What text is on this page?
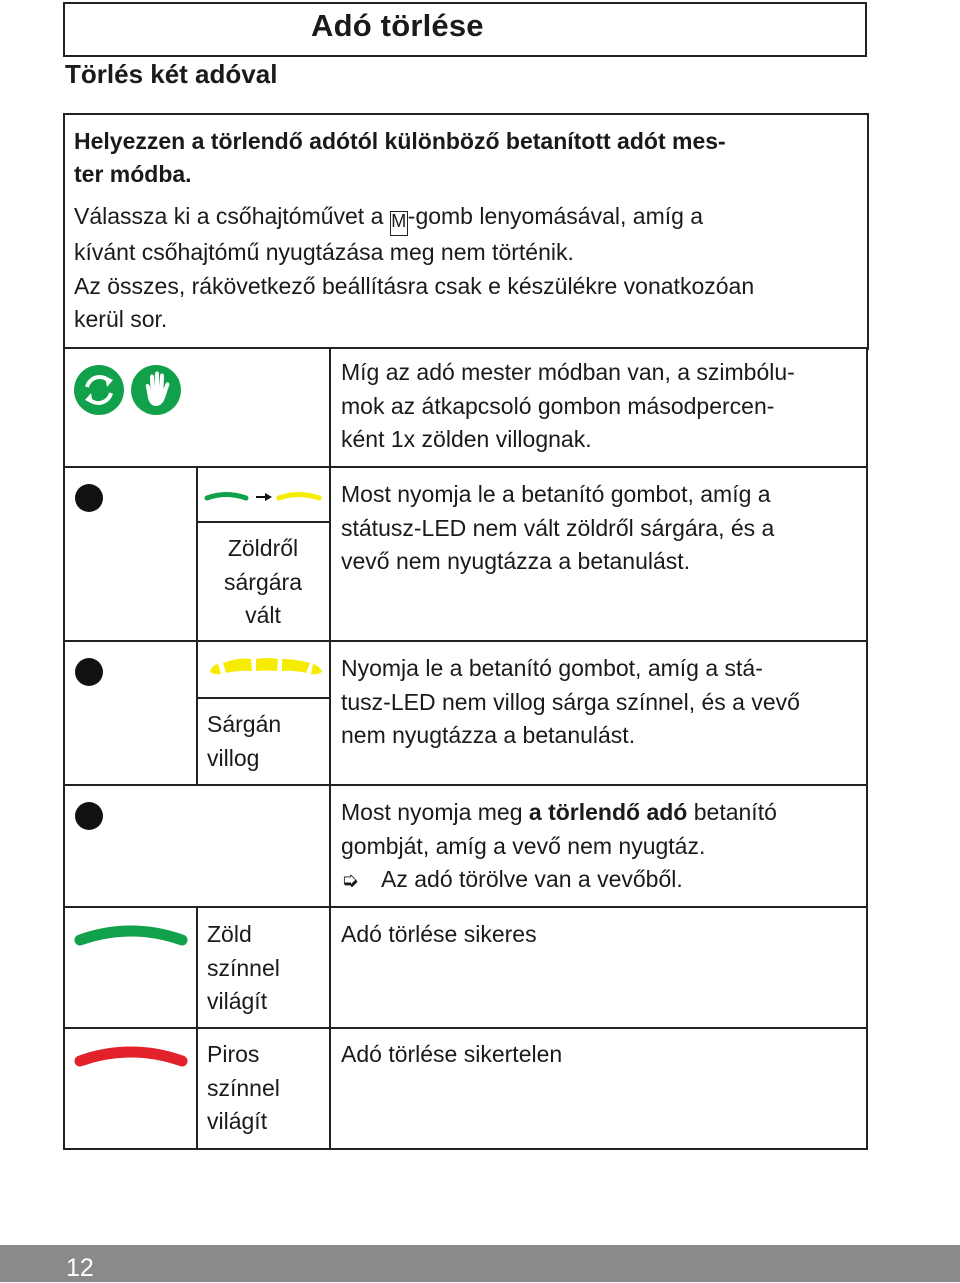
Adó törlése
Törlés két adóval
Helyezzen a törlendő adótól különböző betanított adót mes-
ter módba.
Válassza ki a csőhajtóművet a M-gomb lenyomásával, amíg a
kívánt csőhajtómű nyugtázása meg nem történik.
Az összes, rákövetkező beállításra csak e készülékre vonatkozóan
kerül sor.
Míg az adó mester módban van, a szimbólu-
mok az átkapcsoló gombon másodpercen-
ként 1x zölden villognak.
Zöldről
sárgára
vált
Most nyomja le a betanító gombot, amíg a
státusz-LED nem vált zöldről sárgára, és a
vevő nem nyugtázza a betanulást.
Sárgán
villog
Nyomja le a betanító gombot, amíg a stá-
tusz-LED nem villog sárga színnel, és a vevő
nem nyugtázza a betanulást.
Most nyomja meg a törlendő adó betanító
gombját, amíg a vevő nem nyugtáz.
➭ Az adó törölve van a vevőből.
Zöld
színnel
világít
Adó törlése sikeres
Piros
színnel
világít
Adó törlése sikertelen
12
